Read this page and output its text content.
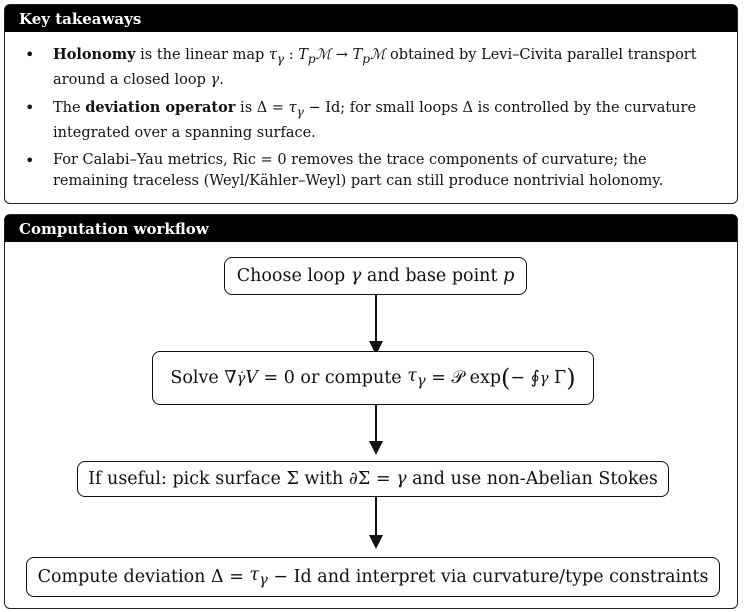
Key takeaways
• Holonomy is the linear map $\tau_\gamma$ : $T_pℳ$ → $T_pℳ$ obtained by Levi–Civita parallel transport around a closed loop γ.
• The deviation operator is $\Delta = \tau_\gamma - Id$; for small loops Δ is controlled by the curvature integrated over a spanning surface.
• For Calabi–Yau metrics, Ric = 0 removes the trace components of curvature; the remaining traceless (Weyl/Kähler–Weyl) part can still produce nontrivial holonomy.
Computation workflow
Choose loop γ and base point p
Solve ∇ γ̇ V = 0 or compute $\tau_\gamma$ = 𝒫 exp ( − ∮ γ Γ )
If useful: pick surface Σ with ∂Σ = γ and use non-Abelian Stokes
Compute deviation $\Delta = \tau_\gamma - Id$ and interpret via curvature/type constraints
